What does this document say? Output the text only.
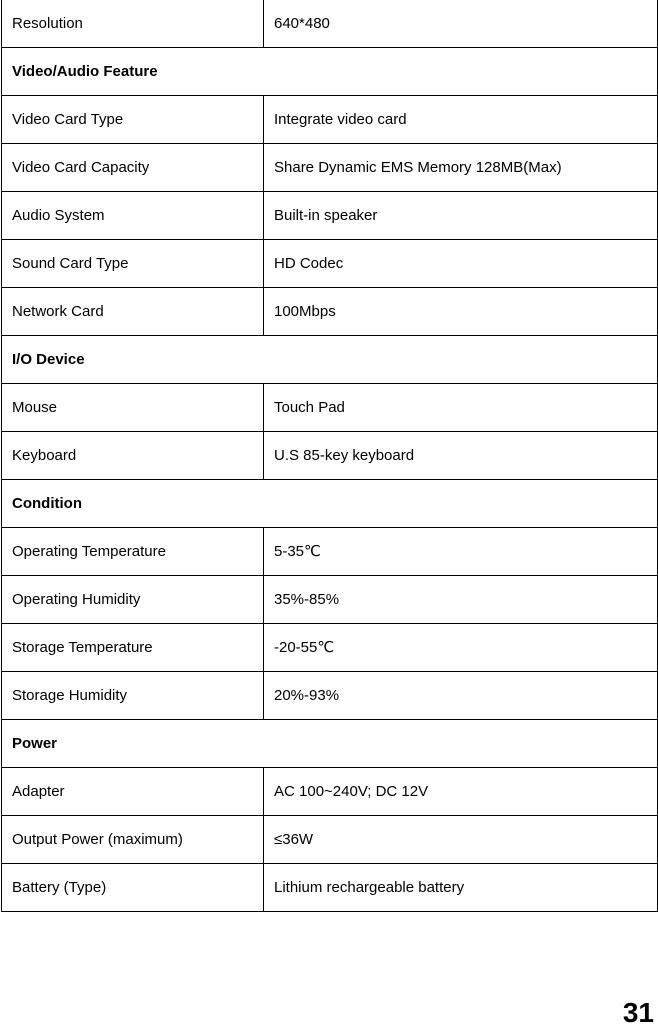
Resolution	640*480
Video/Audio Feature	
Video Card Type	Integrate video card
Video Card Capacity	Share Dynamic EMS Memory 128MB(Max)
Audio System	Built-in speaker
Sound Card Type	HD Codec
Network Card	100Mbps
I/O Device	
Mouse	Touch Pad
Keyboard	U.S 85-key keyboard
Condition	
Operating Temperature	5-35℃
Operating Humidity	35%-85%
Storage Temperature	-20-55℃
Storage Humidity	20%-93%
Power	
Adapter	AC 100~240V; DC 12V
Output Power (maximum)	≤36W
Battery (Type)	Lithium rechargeable battery
31
